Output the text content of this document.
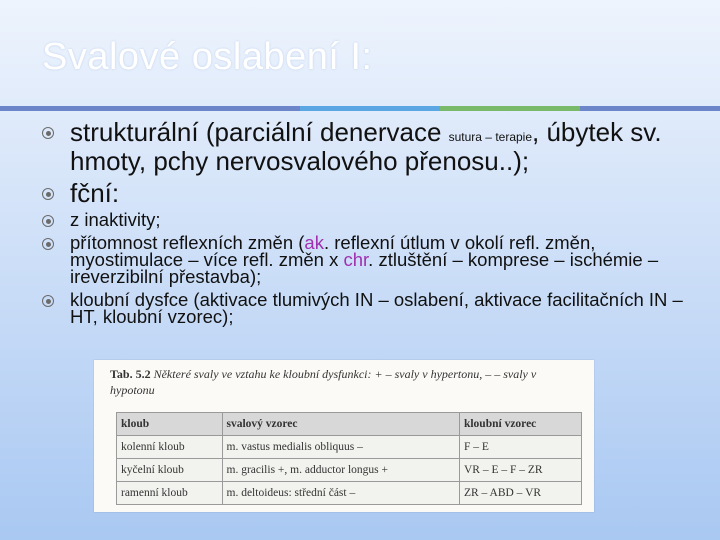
Svalové oslabení I:
strukturální (parciální denervace sutura – terapie, úbytek sv. hmoty, pchy nervosvalového přenosu..);
fční:
z inaktivity;
přítomnost reflexních změn (ak. reflexní útlum v okolí refl. změn, myostimulace – více refl. změn x chr. ztluštění – komprese – ischémie – ireverzibilní přestavba);
kloubní dysfce (aktivace tlumivých IN – oslabení, aktivace facilitačních IN – HT, kloubní vzorec);
Tab. 5.2 Některé svaly ve vztahu ke kloubní dysfunkci: + – svaly v hypertonu, – – svaly v hypotonu
kloub	svalový vzorec	kloubní vzorec
kolenní kloub	m. vastus medialis obliquus –	F – E
kyčelní kloub	m. gracilis +, m. adductor longus +	VR – E – F – ZR
ramenní kloub	m. deltoideus: střední část –	ZR – ABD – VR
